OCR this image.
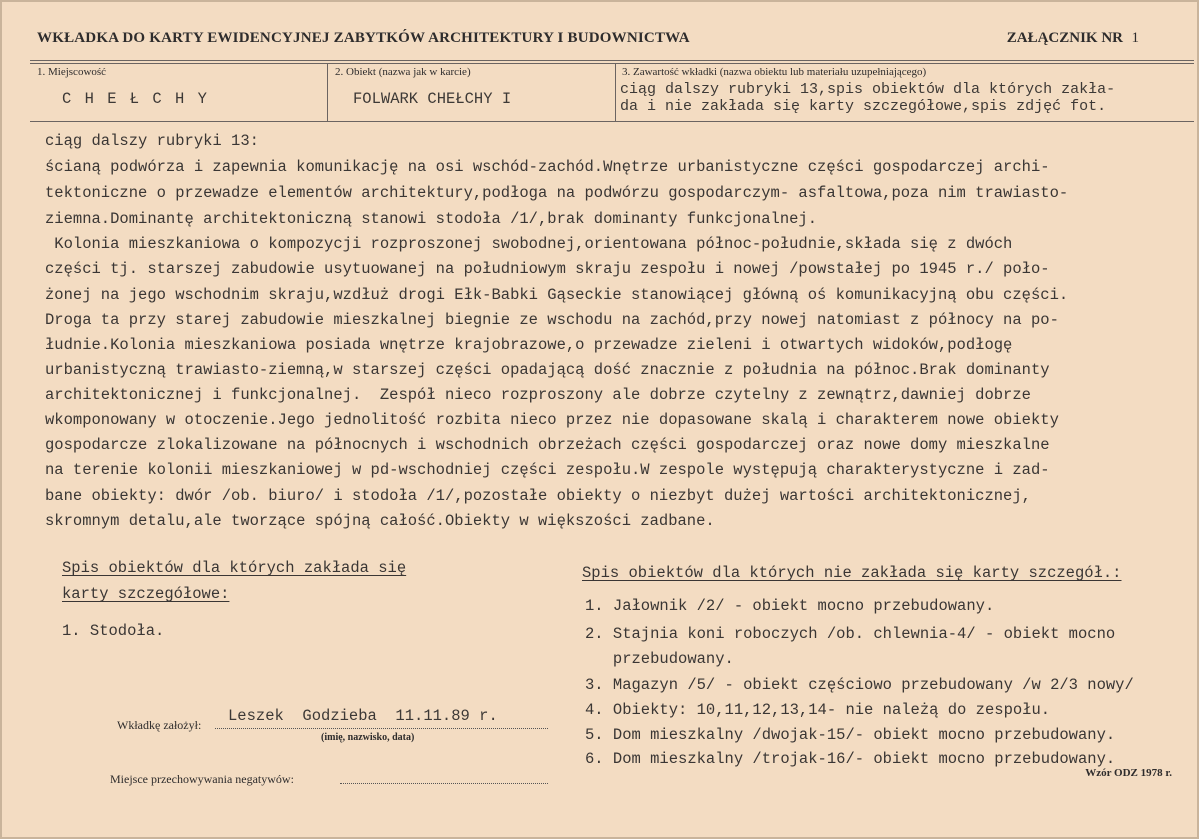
WKŁADKA DO KARTY EWIDENCYJNEJ ZABYTKÓW ARCHITEKTURY I BUDOWNICTWA	ZAŁĄCZNIK NR 1
1. Miejscowość
C H E Ł C H Y
2. Obiekt (nazwa jak w karcie)
FOLWARK CHEŁCHY I
3. Zawartość wkładki (nazwa obiektu lub materiału uzupełniającego)
ciąg dalszy rubryki 13,spis obiektów dla których zakła-
da i nie zakłada się karty szczegółowe,spis zdjęć fot.
ciąg dalszy rubryki 13:
ścianą podwórza i zapewnia komunikację na osi wschód-zachód.Wnętrze urbanistyczne części gospodarczej archi-
tektoniczne o przewadze elementów architektury,podłoga na podwórzu gospodarczym- asfaltowa,poza nim trawiasto-
ziemna.Dominantę architektoniczną stanowi stodoła /1/,brak dominanty funkcjonalnej.
Kolonia mieszkaniowa o kompozycji rozproszonej swobodnej,orientowana północ-południe,składa się z dwóch
części tj. starszej zabudowie usytuowanej na południowym skraju zespołu i nowej /powstałej po 1945 r./ poło-
żonej na jego wschodnim skraju,wzdłuż drogi Ełk-Babki Gąseckie stanowiącej główną oś komunikacyjną obu części.
Droga ta przy starej zabudowie mieszkalnej biegnie ze wschodu na zachód,przy nowej natomiast z północy na po-
łudnie.Kolonia mieszkaniowa posiada wnętrze krajobrazowe,o przewadze zieleni i otwartych widoków,podłogę
urbanistyczną trawiasto-ziemną,w starszej części opadającą dość znacznie z południa na północ.Brak dominanty
architektonicznej i funkcjonalnej.  Zespół nieco rozproszony ale dobrze czytelny z zewnątrz,dawniej dobrze
wkomponowany w otoczenie.Jego jednolitość rozbita nieco przez nie dopasowane skalą i charakterem nowe obiekty
gospodarcze zlokalizowane na północnych i wschodnich obrzeżach części gospodarczej oraz nowe domy mieszkalne
na terenie kolonii mieszkaniowej w pd-wschodniej części zespołu.W zespole występują charakterystyczne i zad-
bane obiekty: dwór /ob. biuro/ i stodoła /1/,pozostałe obiekty o niezbyt dużej wartości architektonicznej,
skromnym detalu,ale tworzące spójną całość.Obiekty w większości zadbane.
Spis obiektów dla których zakłada się
karty szczegółowe:
1. Stodoła.
Spis obiektów dla których nie zakłada się karty szczegół.:
1. Jałownik /2/ - obiekt mocno przebudowany.
2. Stajnia koni roboczych /ob. chlewnia-4/ - obiekt mocno
przebudowany.
3. Magazyn /5/ - obiekt częściowo przebudowany /w 2/3 nowy/
4. Obiekty: 10,11,12,13,14- nie należą do zespołu.
5. Dom mieszkalny /dwojak-15/- obiekt mocno przebudowany.
6. Dom mieszkalny /trojak-16/- obiekt mocno przebudowany.
Wkładkę założył: Leszek  Godzieba  11.11.89 r.
(imię, nazwisko, data)
Miejsce przechowywania negatywów:	Wzór ODZ 1978 r.
